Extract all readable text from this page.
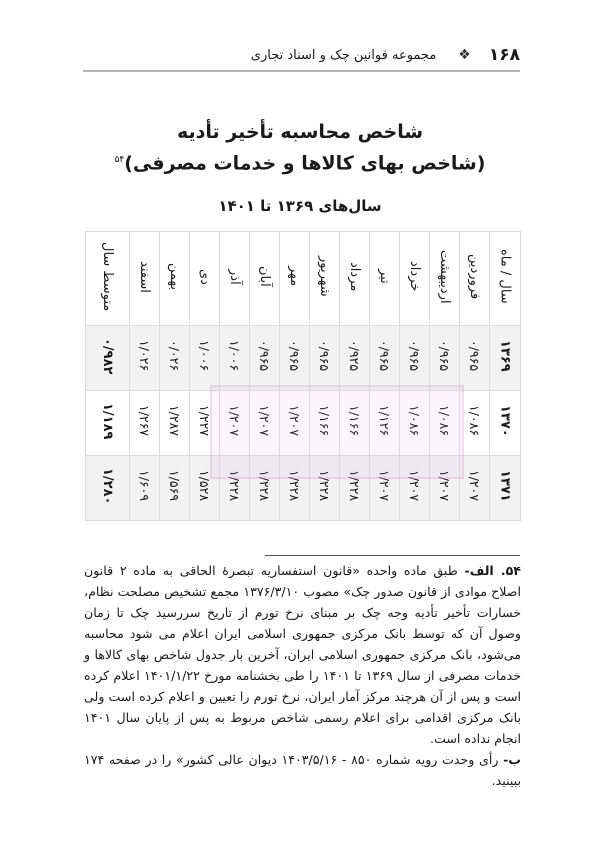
۱۶۸
❖
مجموعه قوانین چک و اسناد تجاری
شاخص محاسبه تأخیر تأدیه
(شاخص بهای کالاها و خدمات مصرفی)$^{۵۴}$
سال‌های ۱۳۶۹ تا ۱۴۰۱
سال / ماه	فروردین	اردیبهشت	خرداد	تیر	مرداد	شهریور	مهر	آبان	آذر	دی	بهمن	اسفند	متوسط سال
۱۳۶۹	۰/۹۶۵	۰/۹۶۵	۰/۹۶۵	۰/۹۶۵	۰/۹۲۵	۰/۹۶۵	۰/۹۶۵	۰/۹۶۵	۱/۰۰۶	۱/۰۰۶	۰/۰۲۶	۱/۰۲۶	۰/۹۸۲
۱۳۷۰	۱/۰۸۶	۱/۰۸۶	۱/۰۸۶	۱/۱۲۶	۱/۱۶۶	۱/۱۶۶	۱/۲۰۷	۱/۲۰۷	۱/۲۰۷	۱/۲۲۷	۱/۲۸۷	۱/۲۶۷	۱/۱۸۹
۱۳۷۱	۱/۲۰۷	۱/۲۰۷	۱/۲۰۷	۱/۲۰۷	۱/۲۲۸	۱/۲۲۸	۱/۲۲۸	۱/۲۲۸	۱/۲۲۸	۱/۵۲۸	۱/۵۶۹	۱/۶۰۹	۱/۲۸۰

۵۴. الف- طبق ماده واحده «قانون استفساریه تبصرهٔ الحاقی به ماده ۲ قانون اصلاح موادی از قانون صدور چک» مصوب ۱۳۷۶/۳/۱۰ مجمع تشخیص مصلحت نظام، خسارات تأخیر تأدیه وجه چک بر مبنای نرخ تورم از تاریخ سررسید چک تا زمان وصول آن که توسط بانک مرکزی جمهوری اسلامی ایران اعلام می شود محاسبه می‌شود، بانک مرکزی جمهوری اسلامی ایران، آخرین بار جدول شاخص بهای کالاها و خدمات مصرفی از سال ۱۳۶۹ تا ۱۴۰۱ را طی بخشنامه مورخ ۱۴۰۱/۱/۲۲ اعلام کرده است و پس از آن هرچند مرکز آمار ایران، نرخ تورم را تعیین و اعلام کرده است ولی بانک مرکزی اقدامی برای اعلام رسمی شاخص مربوط به پس از پایان سال ۱۴۰۱ انجام نداده است.

ب- رأی وحدت رویه شماره ۸۵۰ - ۱۴۰۳/۵/۱۶ دیوان عالی کشور» را در صفحه ۱۷۴ ببینید.
